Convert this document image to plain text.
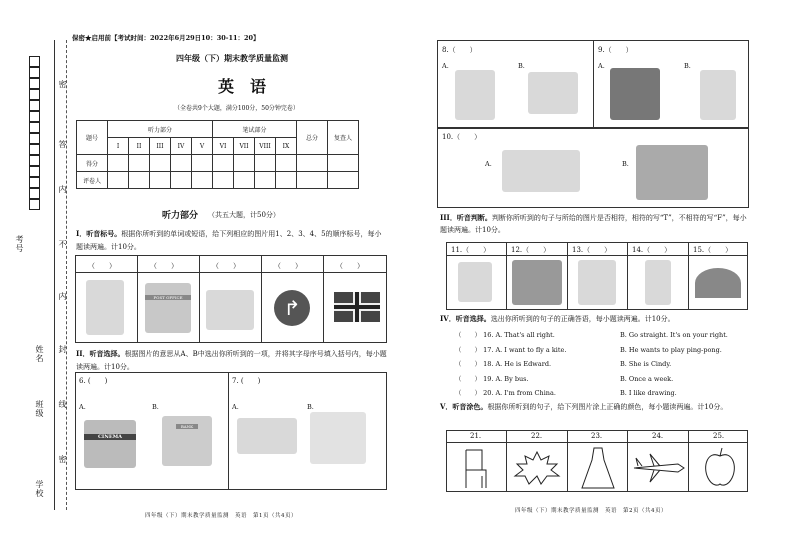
考号
姓名
班级
学校
密
答
内
不
内
封
线
密
保密★启用前【考试时间：2022年6月29日10：30-11：20】
四年级（下）期末教学质量监测
英　语
（全卷共9个大题，满分100分，50分钟完卷）
题号	听力部分					笔试部分				总分	复查人
	I	II	III	IV	V	VI	VII	VIII	IX		
得分											
评卷人											
听力部分 （共五大题，计50分）
I．听音标号。根据你所听到的单词或短语，给下列相应的图片用1、2、3、4、5的顺序标号，每小题读两遍。计10分。
（　　）	（　　）	（　　）	（　　）	（　　）
POST OFFICE	↱
II．听音选择。根据图片的意思从A、B中选出你所听到的一项，并将其字母序号填入括号内，每小题读两遍。计10分。
6. (　　)	7. (　　)
A.	B.	A.	B.
CINEMA
BANK
四年级（下）期末教学质量监测　英语　第1页（共4页）
8.（　　）	9.（　　）
A.	B.	A.	B.
10.（　　）
A.	B.
III．听音判断。判断你所听到的句子与所给的图片是否相符，相符的写“T”，不相符的写“F”，每小题读两遍。计10分。
11.（　　）	12.（　　）	13.（　　）	14.（　　）	15.（　　）
IV．听音选择。选出你所听到的句子的正确答语，每小题读两遍。计10分。
（　　） 16. A. That's all right.	B. Go straight. It's on your right.
（　　） 17. A. I want to fly a kite.	B. He wants to play ping-pong.
（　　） 18. A. He is Edward.	B. She is Cindy.
（　　） 19. A. By bus.	B. Once a week.
（　　） 20. A. I'm from China.	B. I like drawing.
V．听音涂色。根据你所听到的句子，给下列图片涂上正确的颜色，每小题读两遍。计10分。
21.	22.	23.	24.	25.
四年级（下）期末教学质量监测　英语　第2页（共4页）
